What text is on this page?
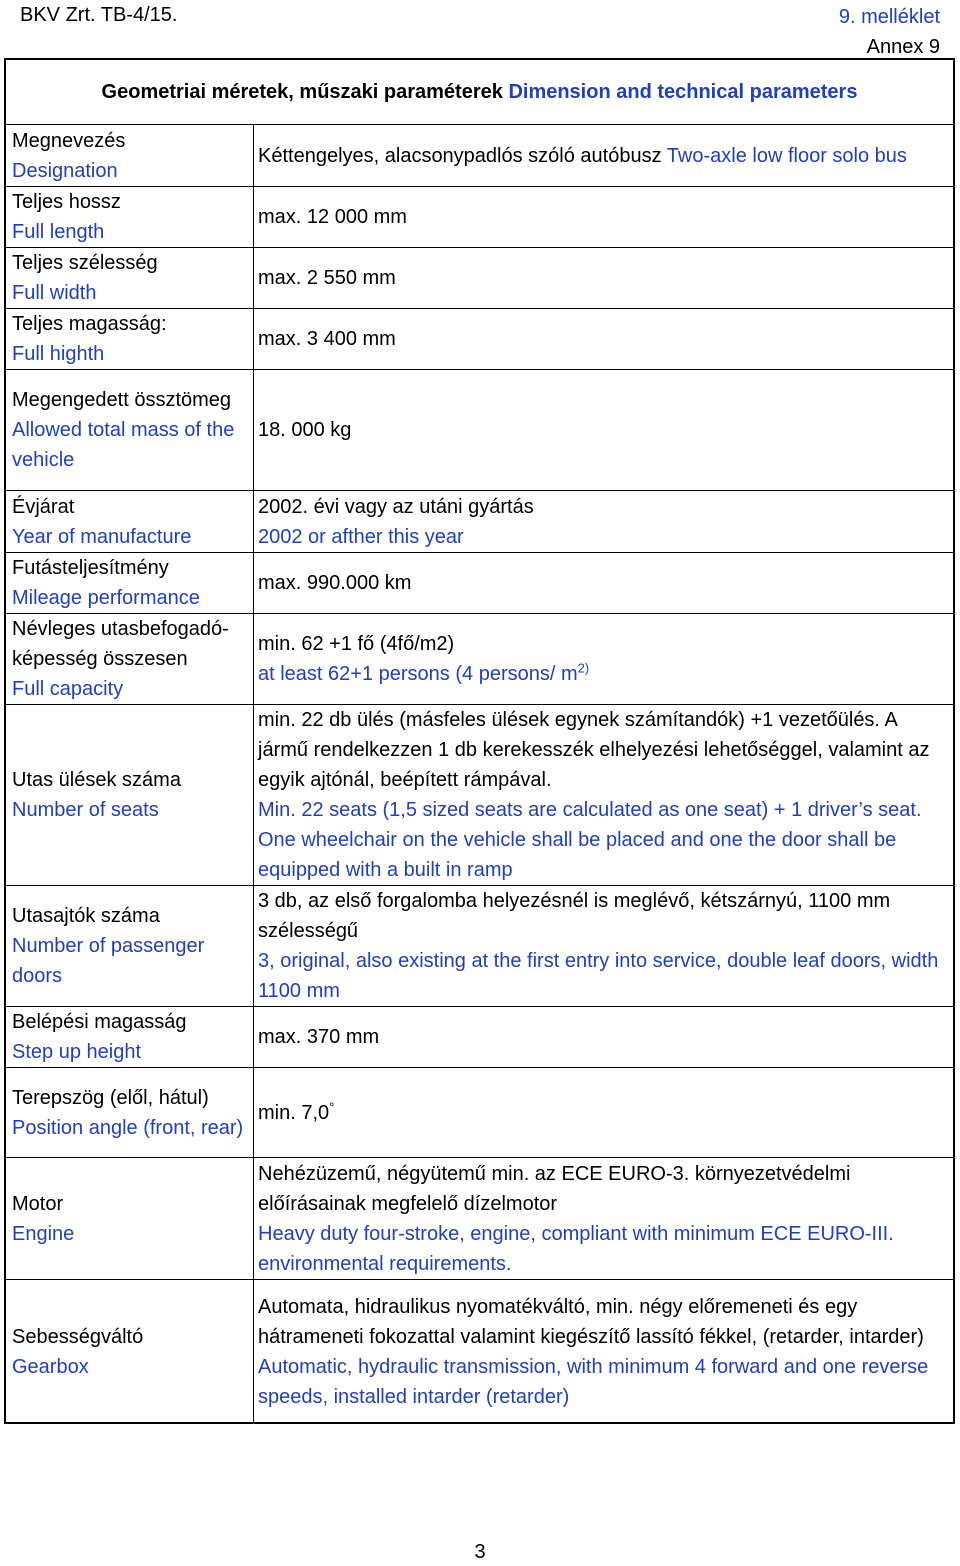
BKV Zrt. TB-4/15.	9. melléklet
Annex 9
Geometriai méretek, műszaki paraméterek
Dimension and technical parameters
Megnevezés
Designation	Kéttengelyes, alacsonypadlós szóló autóbusz Two-axle low floor solo bus

Teljes hossz
Full length	max. 12 000 mm

Teljes szélesség
Full width	max. 2 550 mm

Teljes magasság:
Full highth	max. 3 400 mm

Megengedett össztömeg
Allowed total mass of the vehicle	18. 000 kg

Évjárat
Year of manufacture	2002. évi vagy az utáni gyártás
2002 or afther this year

Futásteljesítmény
Mileage performance	max. 990.000 km

Névleges utasbefogadó-képesség összesen
Full capacity	min. 62 +1 fő (4fő/m2)
at least 62+1 persons (4 persons/ $m^{2)}$

Utas ülések száma
Number of seats	min. 22 db ülés (másfeles ülések egynek számítandók) +1 vezetőülés. A jármű rendelkezzen 1 db kerekesszék elhelyezési lehetőséggel, valamint az egyik ajtónál, beépített rámpával.
Min. 22 seats (1,5 sized seats are calculated as one seat) + 1 driver’s seat. One wheelchair on the vehicle shall be placed and one the door shall be equipped with a built in ramp

Utasajtók száma
Number of passenger doors	3 db, az első forgalomba helyezésnél is meglévő, kétszárnyú, 1100 mm szélességű
3, original, also existing at the first entry into service, double leaf doors, width 1100 mm

Belépési magasság
Step up height	max. 370 mm

Terepszög (elől, hátul)
Position angle (front, rear)	min. 7,0°

Motor
Engine	Nehézüzemű, négyütemű min. az ECE EURO-3. környezetvédelmi előírásainak megfelelő dízelmotor
Heavy duty four-stroke, engine, compliant with minimum ECE EURO-III. environmental requirements.

Sebességváltó
Gearbox	Automata, hidraulikus nyomatékváltó, min. négy előremeneti és egy hátrameneti fokozattal valamint kiegészítő lassító fékkel, (retarder, intarder)
Automatic, hydraulic transmission, with minimum 4 forward and one reverse speeds, installed intarder (retarder)
3
